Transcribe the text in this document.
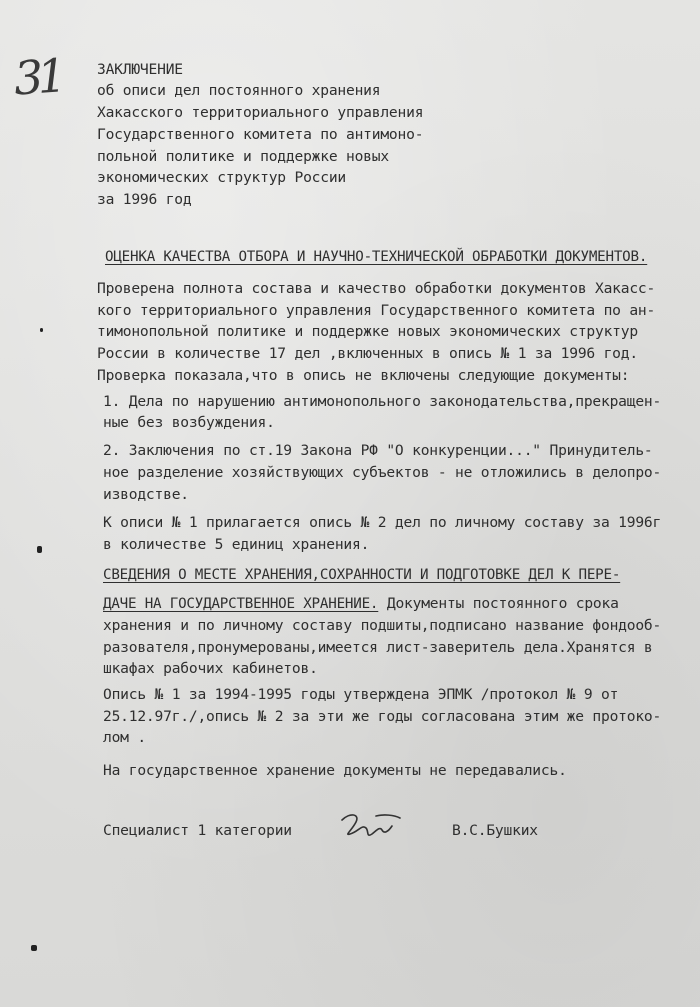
31 ЗАКЛЮЧЕНИЕ
об описи дел постоянного хранения
Хакасского территориального управления
Государственного комитета по антимоно-
польной политике и поддержке новых
экономических структур России
за 1996 год
ОЦЕНКА КАЧЕСТВА ОТБОРА И НАУЧНО-ТЕХНИЧЕСКОЙ ОБРАБОТКИ ДОКУМЕНТОВ.
Проверена полнота состава и качество обработки документов Хакасс-
кого территориального управления Государственного комитета по ан-
тимонопольной политике и поддержке новых экономических структур
России в количестве 17 дел ,включенных в опись № 1 за 1996 год.
Проверка показала,что в опись не включены следующие документы:
1. Дела по нарушению антимонопольного законодательства,прекращен-
ные без возбуждения.
2. Заключения по ст.19 Закона РФ "О конкуренции..." Принудитель-
ное разделение хозяйствующих субъектов - не отложились в делопро-
изводстве.
К описи № 1 прилагается опись № 2 дел по личному составу за 1996г
в количестве 5 единиц хранения.
СВЕДЕНИЯ О МЕСТЕ ХРАНЕНИЯ,СОХРАННОСТИ И ПОДГОТОВКЕ ДЕЛ К ПЕРЕ-
ДАЧЕ НА ГОСУДАРСТВЕННОЕ ХРАНЕНИЕ. Документы постоянного срока
хранения и по личному составу подшиты,подписано название фондооб-
разователя,пронумерованы,имеется лист-заверитель дела.Хранятся в
шкафах рабочих кабинетов.
Опись № 1 за 1994-1995 годы утверждена ЭПМК /протокол № 9 от
25.12.97г./,опись № 2 за эти же годы согласована этим же протоко-
лом .
На государственное хранение документы не передавались.
Специалист 1 категории	В.С.Бушких
